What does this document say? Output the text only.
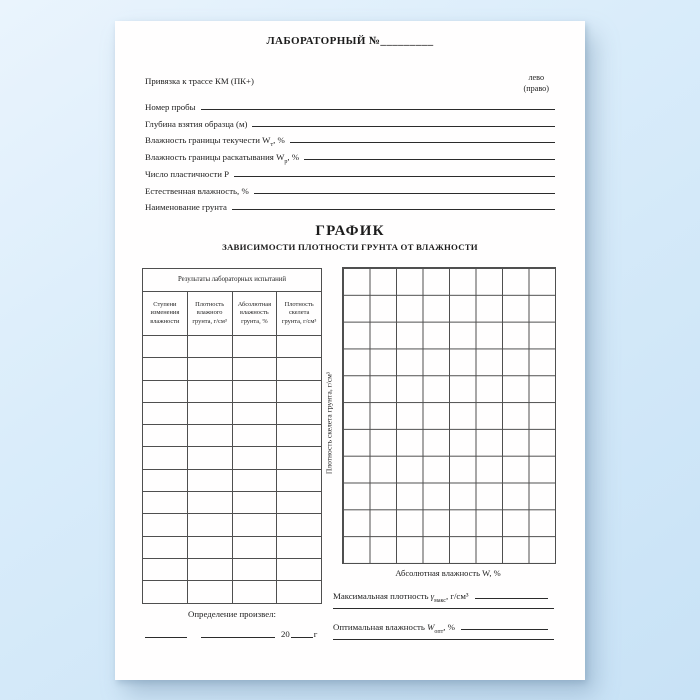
ЛАБОРАТОРНЫЙ №_________
Привязка к трассе КМ (ПК+)	лево
(право)
Номер пробы
Глубина взятия образца (м)
Влажность границы текучести $W_т$, %
Влажность границы раскатывания $W_р$, %
Число пластичности Р
Естественная влажность, %
Наименование грунта
ГРАФИК
ЗАВИСИМОСТИ ПЛОТНОСТИ ГРУНТА ОТ ВЛАЖНОСТИ
Результаты лабораторных испытаний			
Ступени изменения влажности	Плотность влажного грунта, г/см³	Абсолютная влажность грунта, %	Плотность скелета грунта, г/см³

Плотность скелета грунта, г/см³
Абсолютная влажность W, %
Максимальная плотность $\gamma_{макс}$, г/см³
Оптимальная влажность $W_{опт}$, %
Определение произвел:
20	г
